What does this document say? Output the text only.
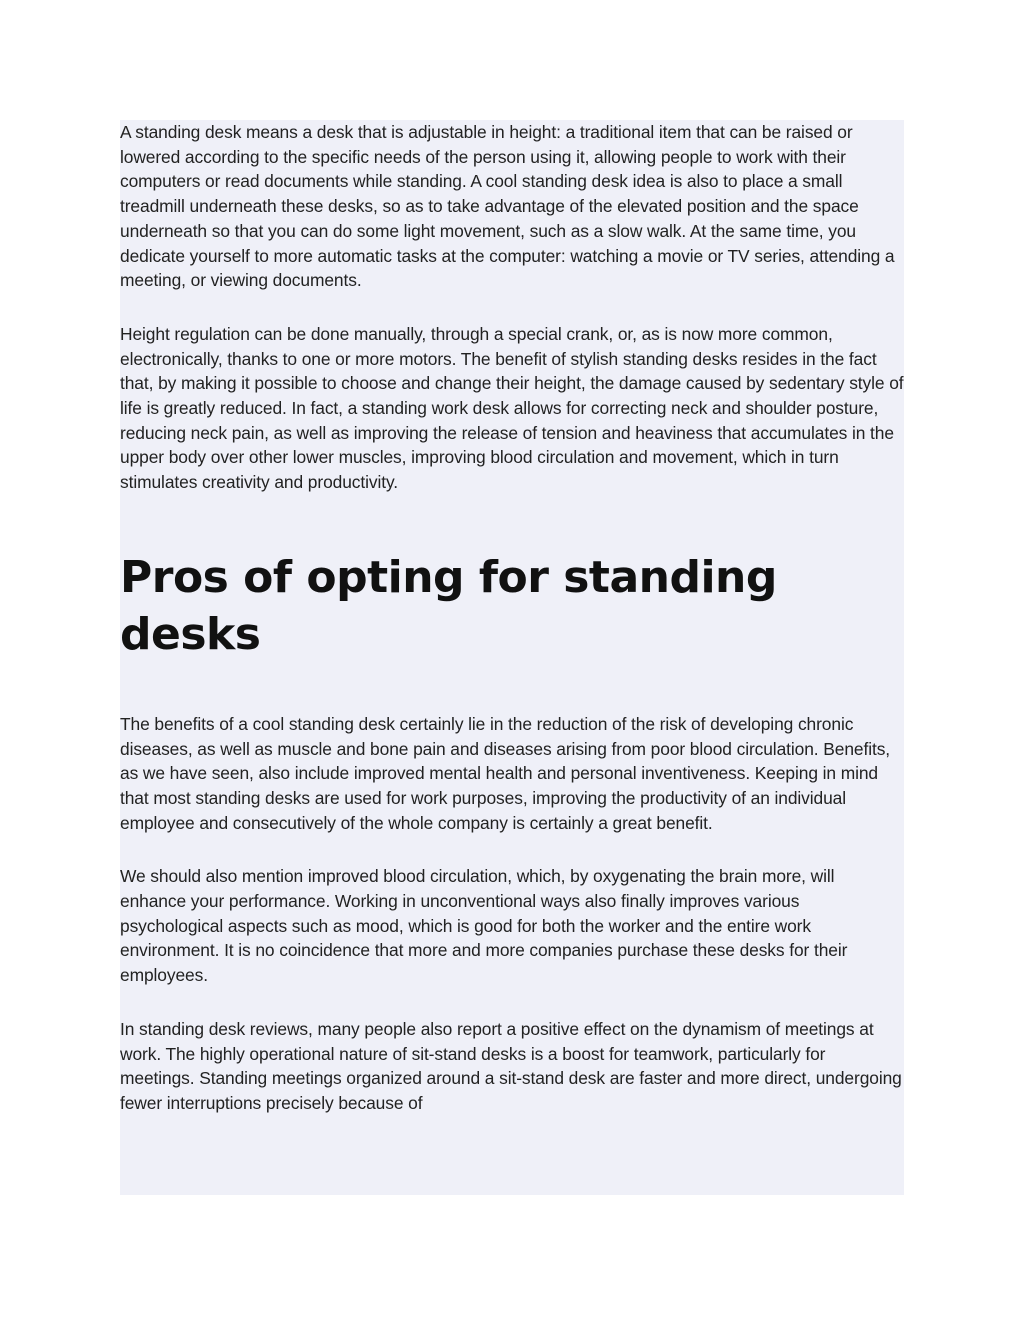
A standing desk means a desk that is adjustable in height: a traditional item that can be raised or lowered according to the specific needs of the person using it, allowing people to work with their computers or read documents while standing. A cool standing desk idea is also to place a small treadmill underneath these desks, so as to take advantage of the elevated position and the space underneath so that you can do some light movement, such as a slow walk. At the same time, you dedicate yourself to more automatic tasks at the computer: watching a movie or TV series, attending a meeting, or viewing documents.

Height regulation can be done manually, through a special crank, or, as is now more common, electronically, thanks to one or more motors. The benefit of stylish standing desks resides in the fact that, by making it possible to choose and change their height, the damage caused by sedentary style of life is greatly reduced. In fact, a standing work desk allows for correcting neck and shoulder posture, reducing neck pain, as well as improving the release of tension and heaviness that accumulates in the upper body over other lower muscles, improving blood circulation and movement, which in turn stimulates creativity and productivity.

Pros of opting for standing desks

The benefits of a cool standing desk certainly lie in the reduction of the risk of developing chronic diseases, as well as muscle and bone pain and diseases arising from poor blood circulation. Benefits, as we have seen, also include improved mental health and personal inventiveness. Keeping in mind that most standing desks are used for work purposes, improving the productivity of an individual employee and consecutively of the whole company is certainly a great benefit.

We should also mention improved blood circulation, which, by oxygenating the brain more, will enhance your performance. Working in unconventional ways also finally improves various psychological aspects such as mood, which is good for both the worker and the entire work environment. It is no coincidence that more and more companies purchase these desks for their employees.

In standing desk reviews, many people also report a positive effect on the dynamism of meetings at work. The highly operational nature of sit-stand desks is a boost for teamwork, particularly for meetings. Standing meetings organized around a sit-stand desk are faster and more direct, undergoing fewer interruptions precisely because of
